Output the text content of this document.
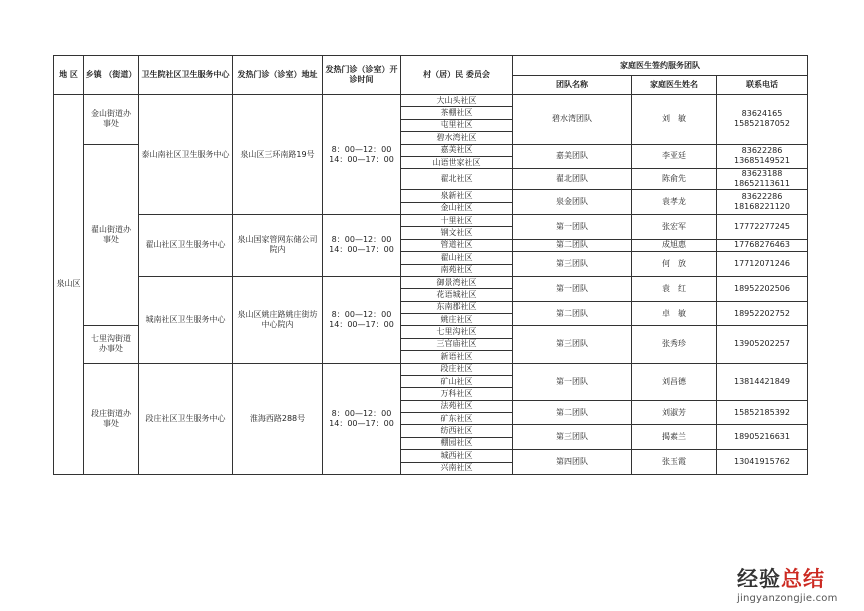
地 区	乡镇 （街道）	卫生院社区卫生服务中心	发热门诊（诊室）地址	发热门诊（诊室）开诊时间	村（居）民 委员会	家庭医生签约服务团队		
						团队名称	家庭医生姓名	联系电话
泉山区	金山街道办
事处	泰山南社区卫生服务中心	泉山区三环南路19号	8：00—12：00
14：00—17：00	大山头社区	碧水湾团队	刘　敏	83624165
15852187052
					茶棚社区			
					屯里社区			
					碧水湾社区			
	翟山街道办
事处				嘉美社区	嘉美团队	李亚廷	83622286
13685149521
					山语世家社区			
					翟北社区	翟北团队	陈俞先	83623188
18652113611
					泉新社区	泉金团队	袁孝龙	83622286
18168221120
					金山社区			
		翟山社区卫生服务中心	泉山国家管网东储公司
院内	8：00—12：00
14：00—17：00	十里社区	第一团队	张宏军	17772277245
					钢文社区			
					管道社区	第二团队	成旭惠	17768276463
					翟山社区	第三团队	何　放	17712071246
					南苑社区			
		城南社区卫生服务中心	泉山区姚庄路姚庄街坊
中心院内	8：00—12：00
14：00—17：00	御景湾社区	第一团队	袁　红	18952202506
					花语城社区			
					东南郡社区	第二团队	卓　敏	18952202752
					姚庄社区			
	七里沟街道
办事处				七里沟社区	第三团队	张秀珍	13905202257
					三官庙社区			
					新语社区			
	段庄街道办
事处	段庄社区卫生服务中心	淮海西路288号	8：00—12：00
14：00—17：00	段庄社区	第一团队	刘昌德	13814421849
					矿山社区			
					万科社区			
					法苑社区	第二团队	刘淑芳	15852185392
					矿东社区			
					纺西社区	第三团队	揭素兰	18905216631
					棚园社区			
					城西社区	第四团队	张玉霞	13041915762
					兴南社区			
经验总结
jingyanzongjie.com
